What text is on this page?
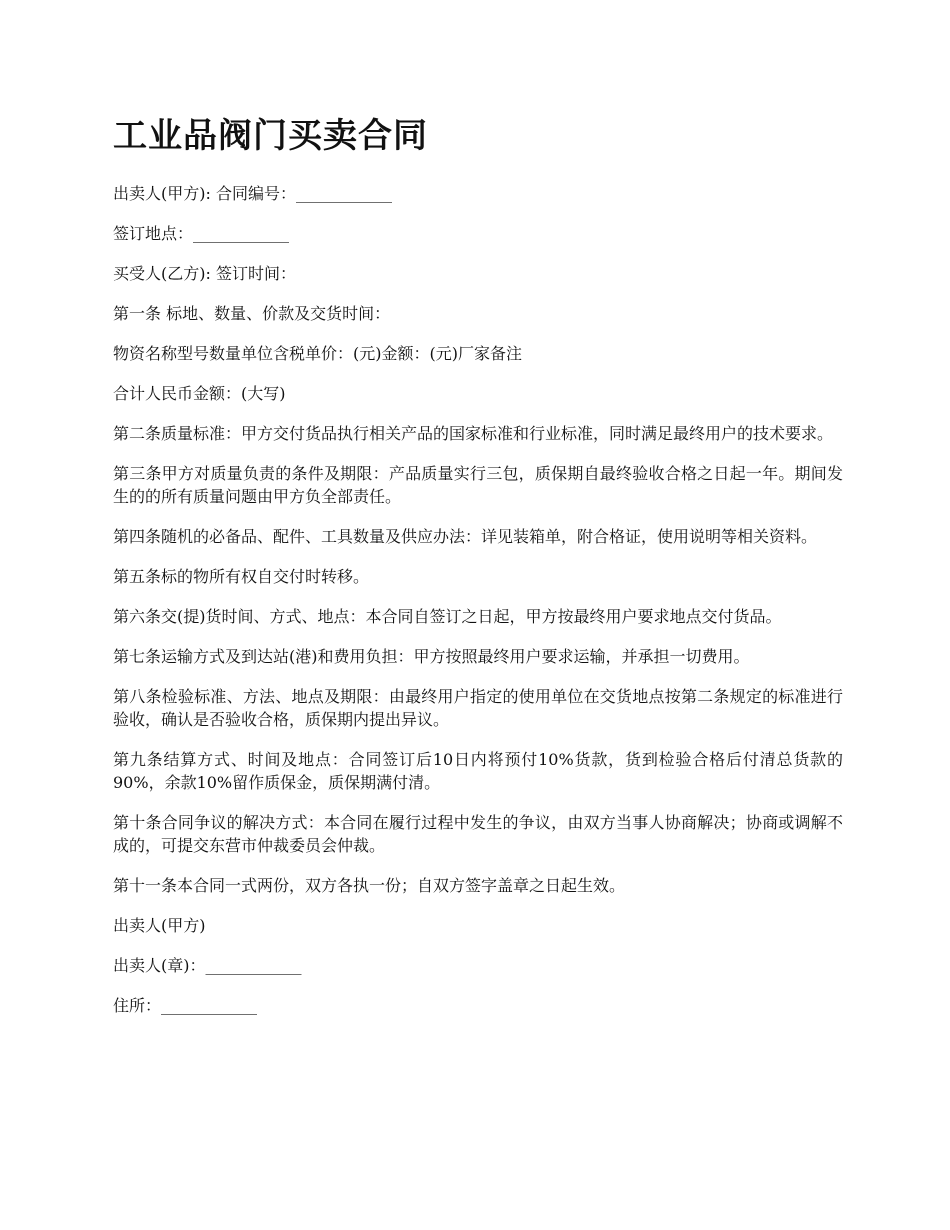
工业品阀门买卖合同

出卖人(甲方): 合同编号：____________

签订地点：____________

买受人(乙方): 签订时间：

第一条 标地、数量、价款及交货时间：

物资名称型号数量单位含税单价：(元)金额：(元)厂家备注

合计人民币金额：(大写)

第二条质量标准：甲方交付货品执行相关产品的国家标准和行业标准，同时满足最终用户的技术要求。

第三条甲方对质量负责的条件及期限：产品质量实行三包，质保期自最终验收合格之日起一年。期间发生的的所有质量问题由甲方负全部责任。

第四条随机的必备品、配件、工具数量及供应办法：详见装箱单，附合格证，使用说明等相关资料。

第五条标的物所有权自交付时转移。

第六条交(提)货时间、方式、地点：本合同自签订之日起，甲方按最终用户要求地点交付货品。

第七条运输方式及到达站(港)和费用负担：甲方按照最终用户要求运输，并承担一切费用。

第八条检验标准、方法、地点及期限：由最终用户指定的使用单位在交货地点按第二条规定的标准进行验收，确认是否验收合格，质保期内提出异议。

第九条结算方式、时间及地点：合同签订后10日内将预付10%货款，货到检验合格后付清总货款的90%，余款10%留作质保金，质保期满付清。

第十条合同争议的解决方式：本合同在履行过程中发生的争议，由双方当事人协商解决；协商或调解不成的，可提交东营市仲裁委员会仲裁。

第十一条本合同一式两份，双方各执一份；自双方签字盖章之日起生效。

出卖人(甲方)

出卖人(章)：____________

住所：____________
